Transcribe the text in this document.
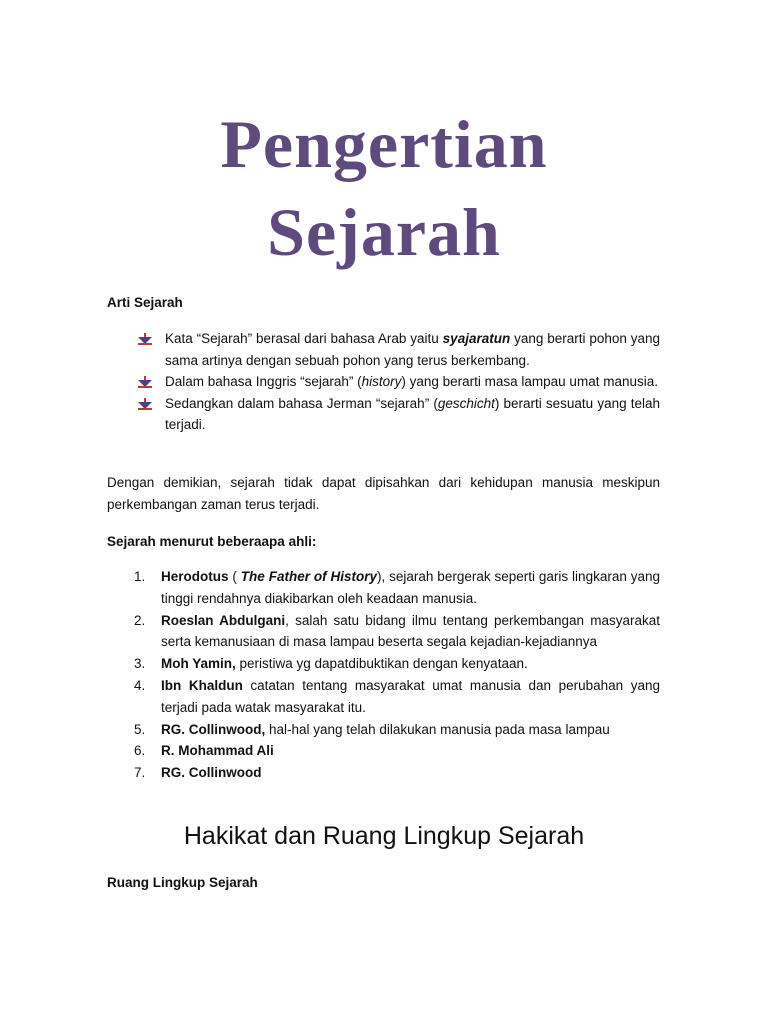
Pengertian
Sejarah

Arti Sejarah

Kata “Sejarah” berasal dari bahasa Arab yaitu syajaratun yang berarti pohon yang sama artinya dengan sebuah pohon yang terus berkembang.
Dalam bahasa Inggris “sejarah” (history) yang berarti masa lampau umat manusia.
Sedangkan dalam bahasa Jerman “sejarah” (geschicht) berarti sesuatu yang telah terjadi.

Dengan demikian, sejarah tidak dapat dipisahkan dari kehidupan manusia meskipun perkembangan zaman terus terjadi.

Sejarah menurut beberaapa ahli:

1. Herodotus ( The Father of History), sejarah bergerak seperti garis lingkaran yang tinggi rendahnya diakibarkan oleh keadaan manusia.
2. Roeslan Abdulgani, salah satu bidang ilmu tentang perkembangan masyarakat serta kemanusiaan di masa lampau beserta segala kejadian-kejadiannya
3. Moh Yamin, peristiwa yg dapatdibuktikan dengan kenyataan.
4. Ibn Khaldun catatan tentang masyarakat umat manusia dan perubahan yang terjadi pada watak masyarakat itu.
5. RG. Collinwood, hal-hal yang telah dilakukan manusia pada masa lampau
6. R. Mohammad Ali
7. RG. Collinwood
Hakikat dan Ruang Lingkup Sejarah

Ruang Lingkup Sejarah
